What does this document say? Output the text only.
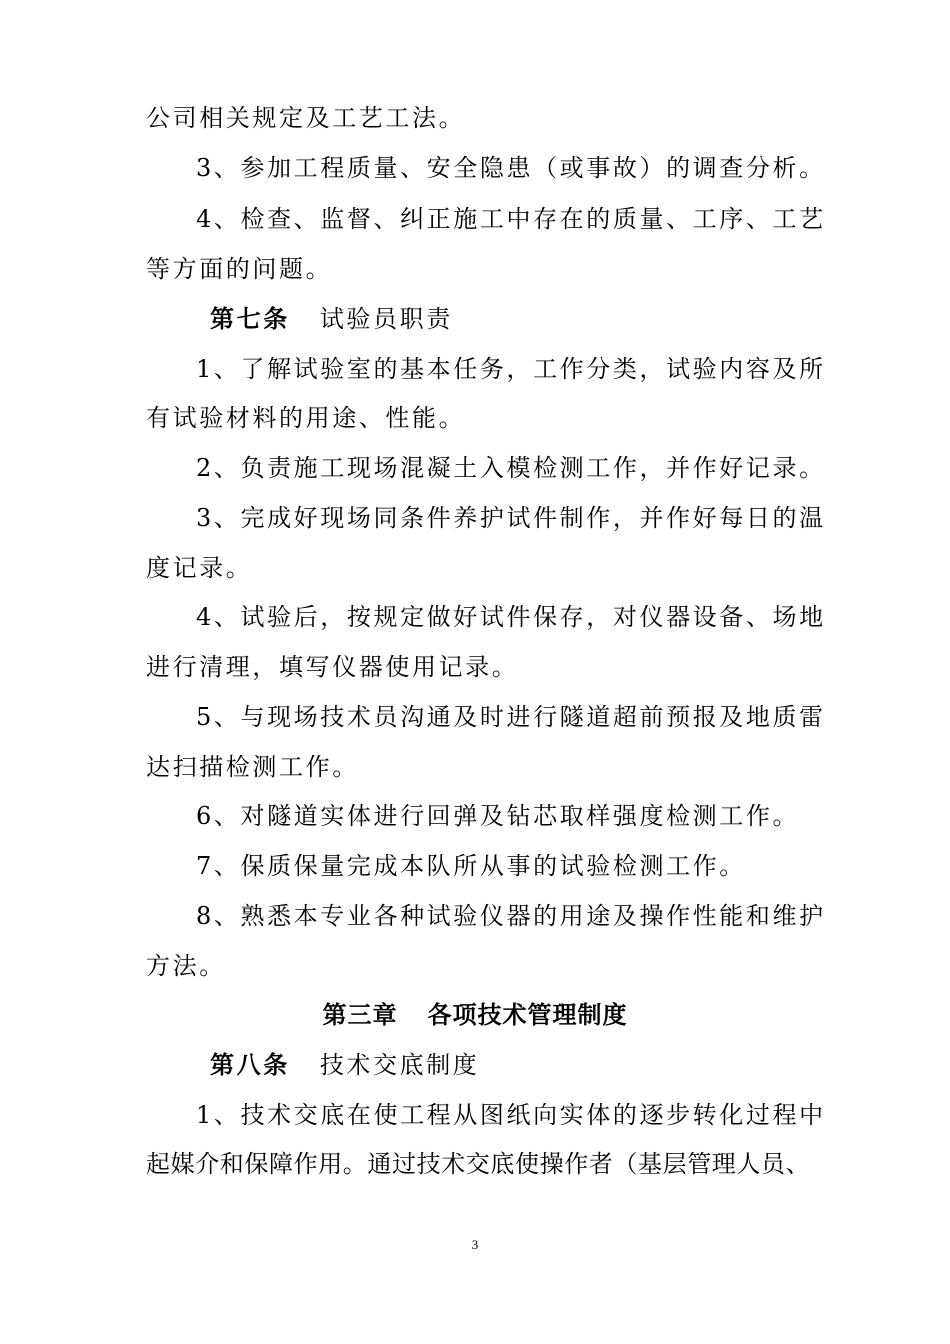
公司相关规定及工艺工法。
3、参加工程质量、安全隐患（或事故）的调查分析。
4、检查、监督、纠正施工中存在的质量、工序、工艺
等方面的问题。
第七条 试验员职责
1、了解试验室的基本任务，工作分类，试验内容及所
有试验材料的用途、性能。
2、负责施工现场混凝土入模检测工作，并作好记录。
3、完成好现场同条件养护试件制作，并作好每日的温
度记录。
4、试验后，按规定做好试件保存，对仪器设备、场地
进行清理，填写仪器使用记录。
5、与现场技术员沟通及时进行隧道超前预报及地质雷
达扫描检测工作。
6、对隧道实体进行回弹及钻芯取样强度检测工作。
7、保质保量完成本队所从事的试验检测工作。
8、熟悉本专业各种试验仪器的用途及操作性能和维护
方法。
第三章 各项技术管理制度
第八条 技术交底制度
1、技术交底在使工程从图纸向实体的逐步转化过程中
起媒介和保障作用。通过技术交底使操作者（基层管理人员、
3
